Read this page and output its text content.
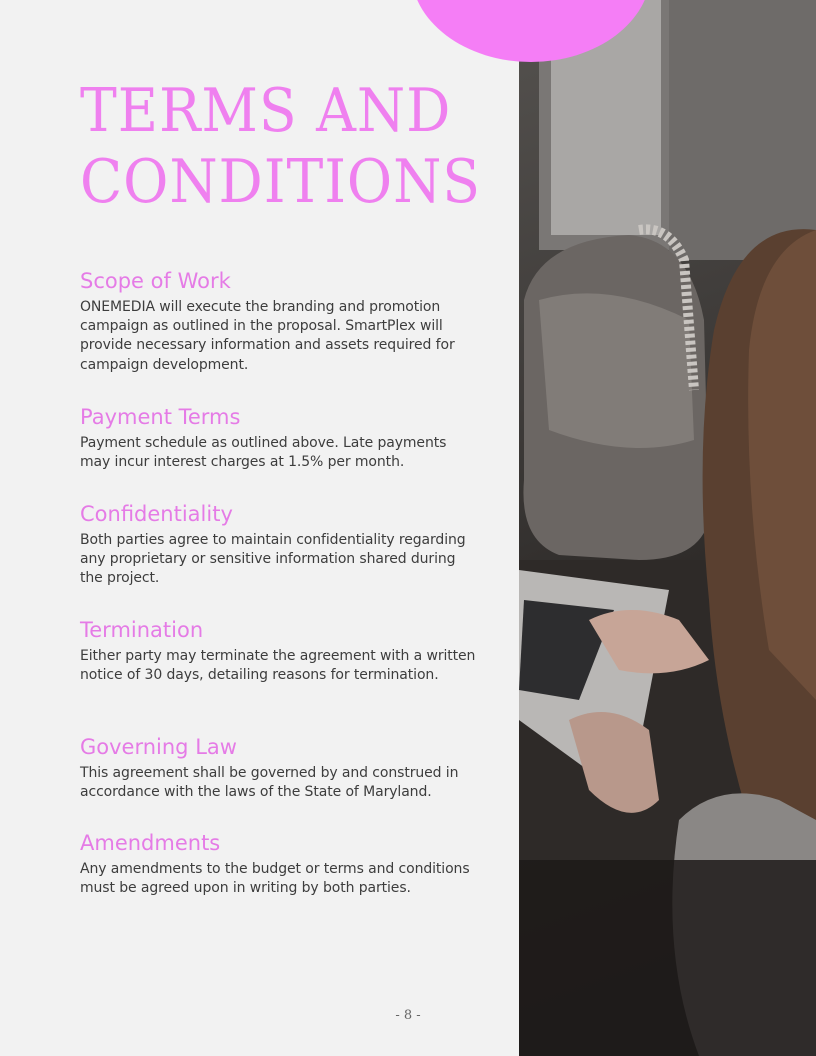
TERMS AND
CONDITIONS
Scope of Work

ONEMEDIA will execute the branding and promotion campaign as outlined in the proposal. SmartPlex will provide necessary information and assets required for campaign development.

Payment Terms

Payment schedule as outlined above. Late payments may incur interest charges at 1.5% per month.

Confidentiality

Both parties agree to maintain confidentiality regarding any proprietary or sensitive information shared during the project.

Termination

Either party may terminate the agreement with a written notice of 30 days, detailing reasons for termination.

Governing Law

This agreement shall be governed by and construed in accordance with the laws of the State of Maryland.

Amendments

Any amendments to the budget or terms and conditions must be agreed upon in writing by both parties.

- 8 -
